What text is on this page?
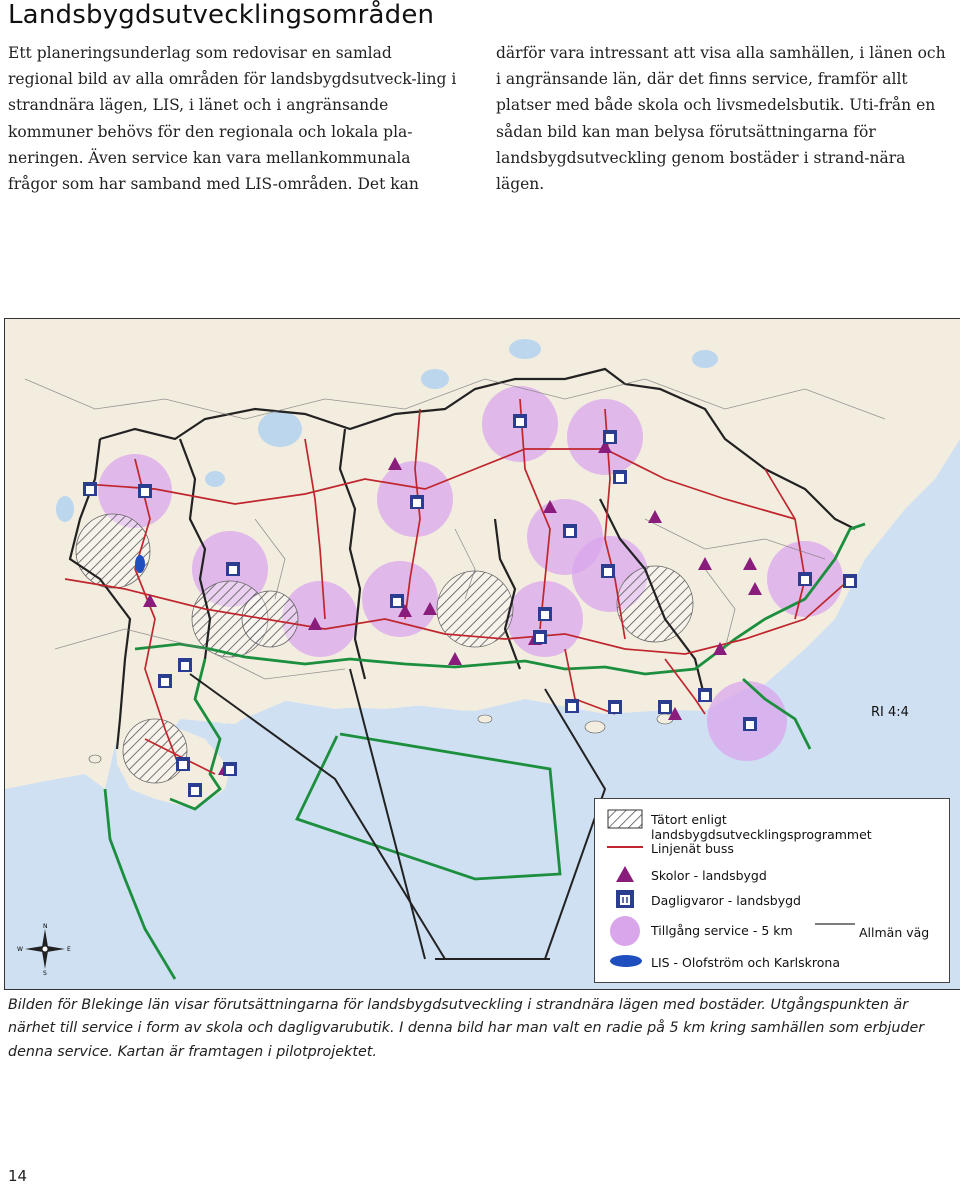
Landsbygdsutvecklingsområden
Ett planeringsunderlag som redovisar en samlad regional bild av alla områden för landsbygdsutveck-ling i strandnära lägen, LIS, i länet och i angränsande kommuner behövs för den regionala och lokala pla-neringen. Även service kan vara mellankommunala frågor som har samband med LIS-områden. Det kan
därför vara intressant att visa alla samhällen, i länen och i angränsande län, där det finns service, framför allt platser med både skola och livsmedelsbutik. Uti-från en sådan bild kan man belysa förutsättningarna för landsbygdsutveckling genom bostäder i strand-nära lägen.
RI 4:4
N
S
E
W
Tätort enligt landsbygdsutvecklingsprogrammet
Linjenät buss
Skolor - landsbygd
Dagligvaror - landsbygd
Tillgång service - 5 km	Allmän väg
LIS - Olofström och Karlskrona
Bilden för Blekinge län visar förutsättningarna för landsbygdsutveckling i strandnära lägen med bostäder. Utgångspunkten är närhet till service i form av skola och dagligvarubutik. I denna bild har man valt en radie på 5 km kring samhällen som erbjuder denna service. Kartan är framtagen i pilotprojektet.
14
